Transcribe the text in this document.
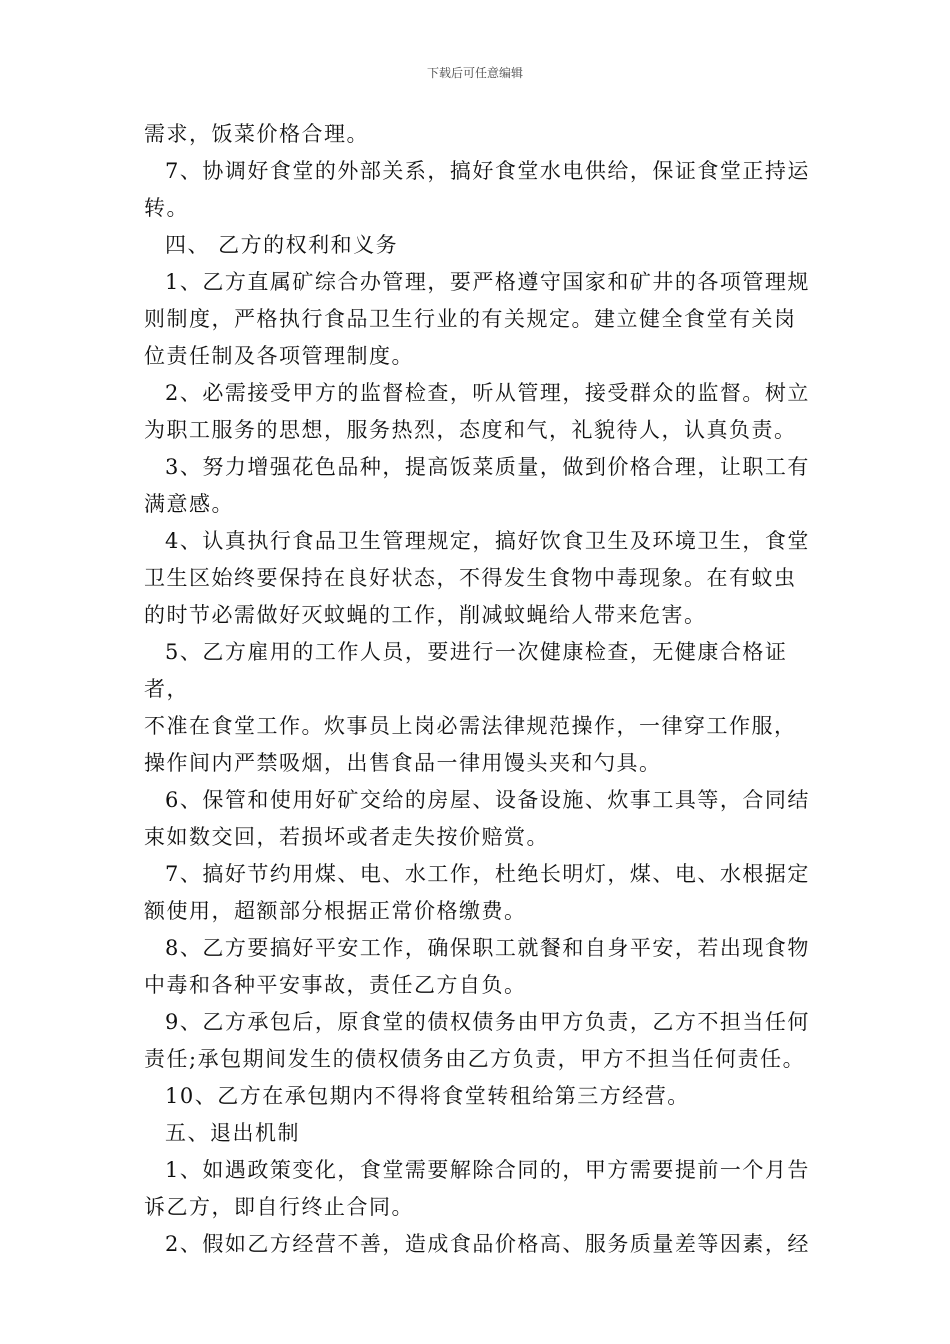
下载后可任意编辑

需求，饭菜价格合理。

7、协调好食堂的外部关系，搞好食堂水电供给，保证食堂正持运

转。

四、 乙方的权利和义务

1、乙方直属矿综合办管理，要严格遵守国家和矿井的各项管理规

则制度，严格执行食品卫生行业的有关规定。建立健全食堂有关岗

位责任制及各项管理制度。

2、必需接受甲方的监督检查，听从管理，接受群众的监督。树立

为职工服务的思想，服务热烈，态度和气，礼貌待人，认真负责。

3、努力增强花色品种，提高饭菜质量，做到价格合理，让职工有

满意感。

4、认真执行食品卫生管理规定，搞好饮食卫生及环境卫生，食堂

卫生区始终要保持在良好状态，不得发生食物中毒现象。在有蚊虫

的时节必需做好灭蚊蝇的工作，削减蚊蝇给人带来危害。

5、乙方雇用的工作人员，要进行一次健康检查，无健康合格证者，

不准在食堂工作。炊事员上岗必需法律规范操作，一律穿工作服，

操作间内严禁吸烟，出售食品一律用馒头夹和勺具。

6、保管和使用好矿交给的房屋、设备设施、炊事工具等，合同结

束如数交回，若损坏或者走失按价赔赏。

7、搞好节约用煤、电、水工作，杜绝长明灯，煤、电、水根据定

额使用，超额部分根据正常价格缴费。

8、乙方要搞好平安工作，确保职工就餐和自身平安，若出现食物

中毒和各种平安事故，责任乙方自负。

9、乙方承包后，原食堂的债权债务由甲方负责，乙方不担当任何

责任;承包期间发生的债权债务由乙方负责，甲方不担当任何责任。

10、乙方在承包期内不得将食堂转租给第三方经营。

五、退出机制

1、如遇政策变化，食堂需要解除合同的，甲方需要提前一个月告

诉乙方，即自行终止合同。

2、假如乙方经营不善，造成食品价格高、服务质量差等因素，经
